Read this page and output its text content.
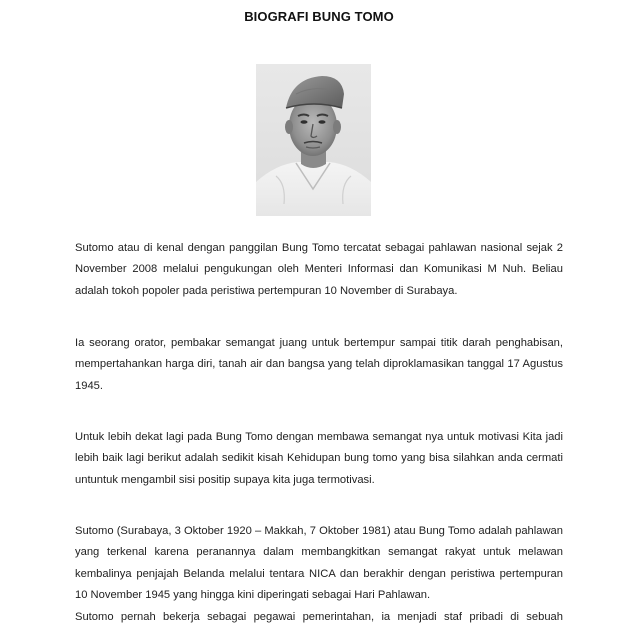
BIOGRAFI BUNG TOMO

Sutomo atau di kenal dengan panggilan Bung Tomo tercatat sebagai pahlawan nasional sejak 2
November 2008 melalui pengukungan oleh Menteri Informasi dan Komunikasi M Nuh. Beliau
adalah tokoh popoler pada peristiwa pertempuran 10 November di Surabaya.

Ia seorang orator, pembakar semangat juang untuk bertempur sampai titik darah penghabisan,
mempertahankan harga diri, tanah air dan bangsa yang telah diproklamasikan tanggal 17 Agustus
1945.

Untuk lebih dekat lagi pada Bung Tomo dengan membawa semangat nya untuk motivasi Kita jadi
lebih baik lagi berikut adalah sedikit kisah Kehidupan bung tomo yang bisa silahkan anda cermati
untuntuk mengambil sisi positip supaya kita juga termotivasi.

Sutomo (Surabaya, 3 Oktober 1920 – Makkah, 7 Oktober 1981) atau Bung Tomo adalah pahlawan
yang terkenal karena peranannya dalam membangkitkan semangat rakyat untuk melawan
kembalinya penjajah Belanda melalui tentara NICA dan berakhir dengan peristiwa pertempuran
10 November 1945 yang hingga kini diperingati sebagai Hari Pahlawan.

Sutomo pernah bekerja sebagai pegawai pemerintahan, ia menjadi staf pribadi di sebuah
